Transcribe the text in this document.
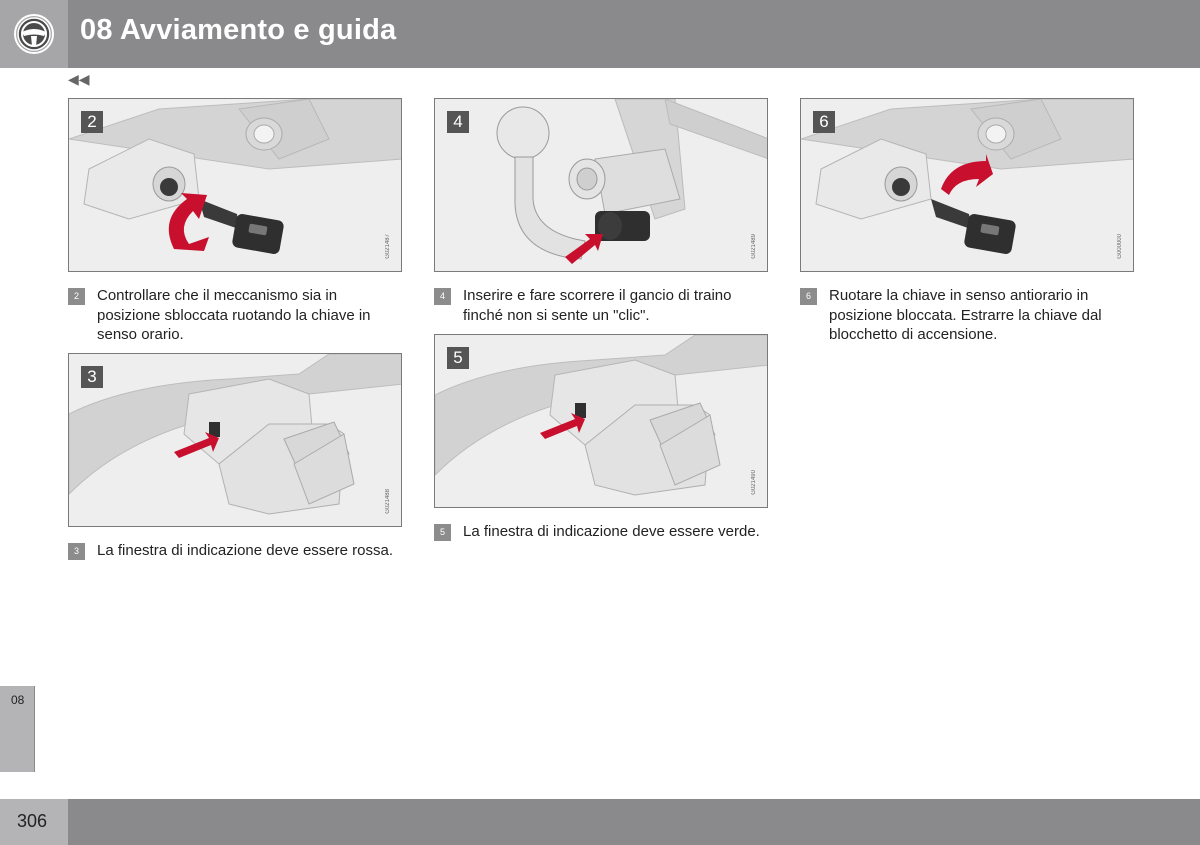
08 Avviamento e guida
◀◀
2
G021487
2	Controllare che il meccanismo sia in posizione sbloccata ruotando la chiave in senso orario.
3
G021488
3	La finestra di indicazione deve essere rossa.
4
G021489
4	Inserire e fare scorrere il gancio di traino finché non si sente un "clic".
5
G021490
5	La finestra di indicazione deve essere verde.
6
G000000
6	Ruotare la chiave in senso antiorario in posizione bloccata. Estrarre la chiave dal blocchetto di accensione.
08
306
